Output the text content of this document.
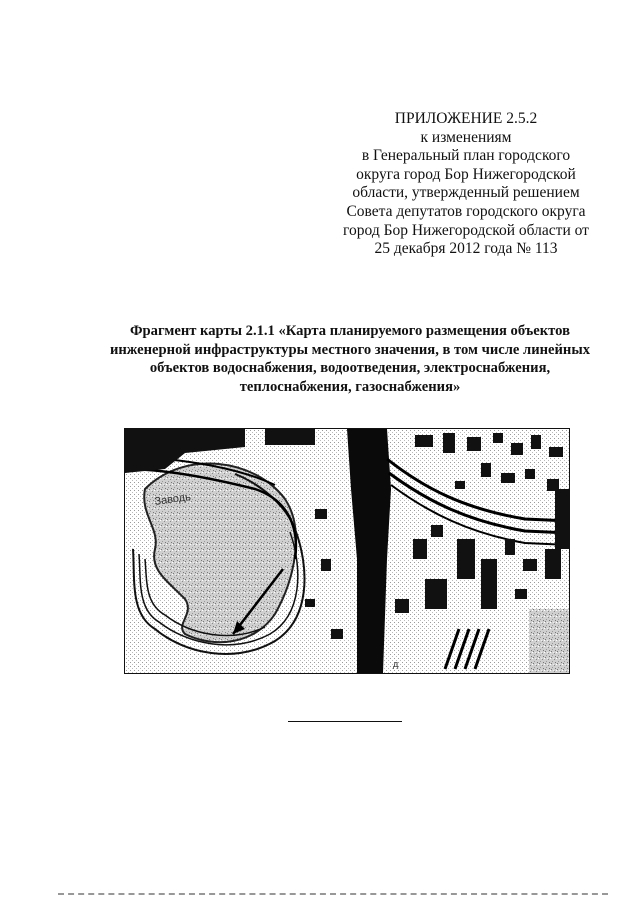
ПРИЛОЖЕНИЕ 2.5.2
к изменениям
в Генеральный план городского
округа город Бор Нижегородской
области, утвержденный решением
Совета депутатов городского округа
город Бор Нижегородской области от
25 декабря 2012 года № 113
Фрагмент карты 2.1.1 «Карта планируемого размещения объектов
инженерной инфраструктуры местного значения, в том числе линейных
объектов водоснабжения, водоотведения, электроснабжения,
теплоснабжения, газоснабжения»
Заводь
д
